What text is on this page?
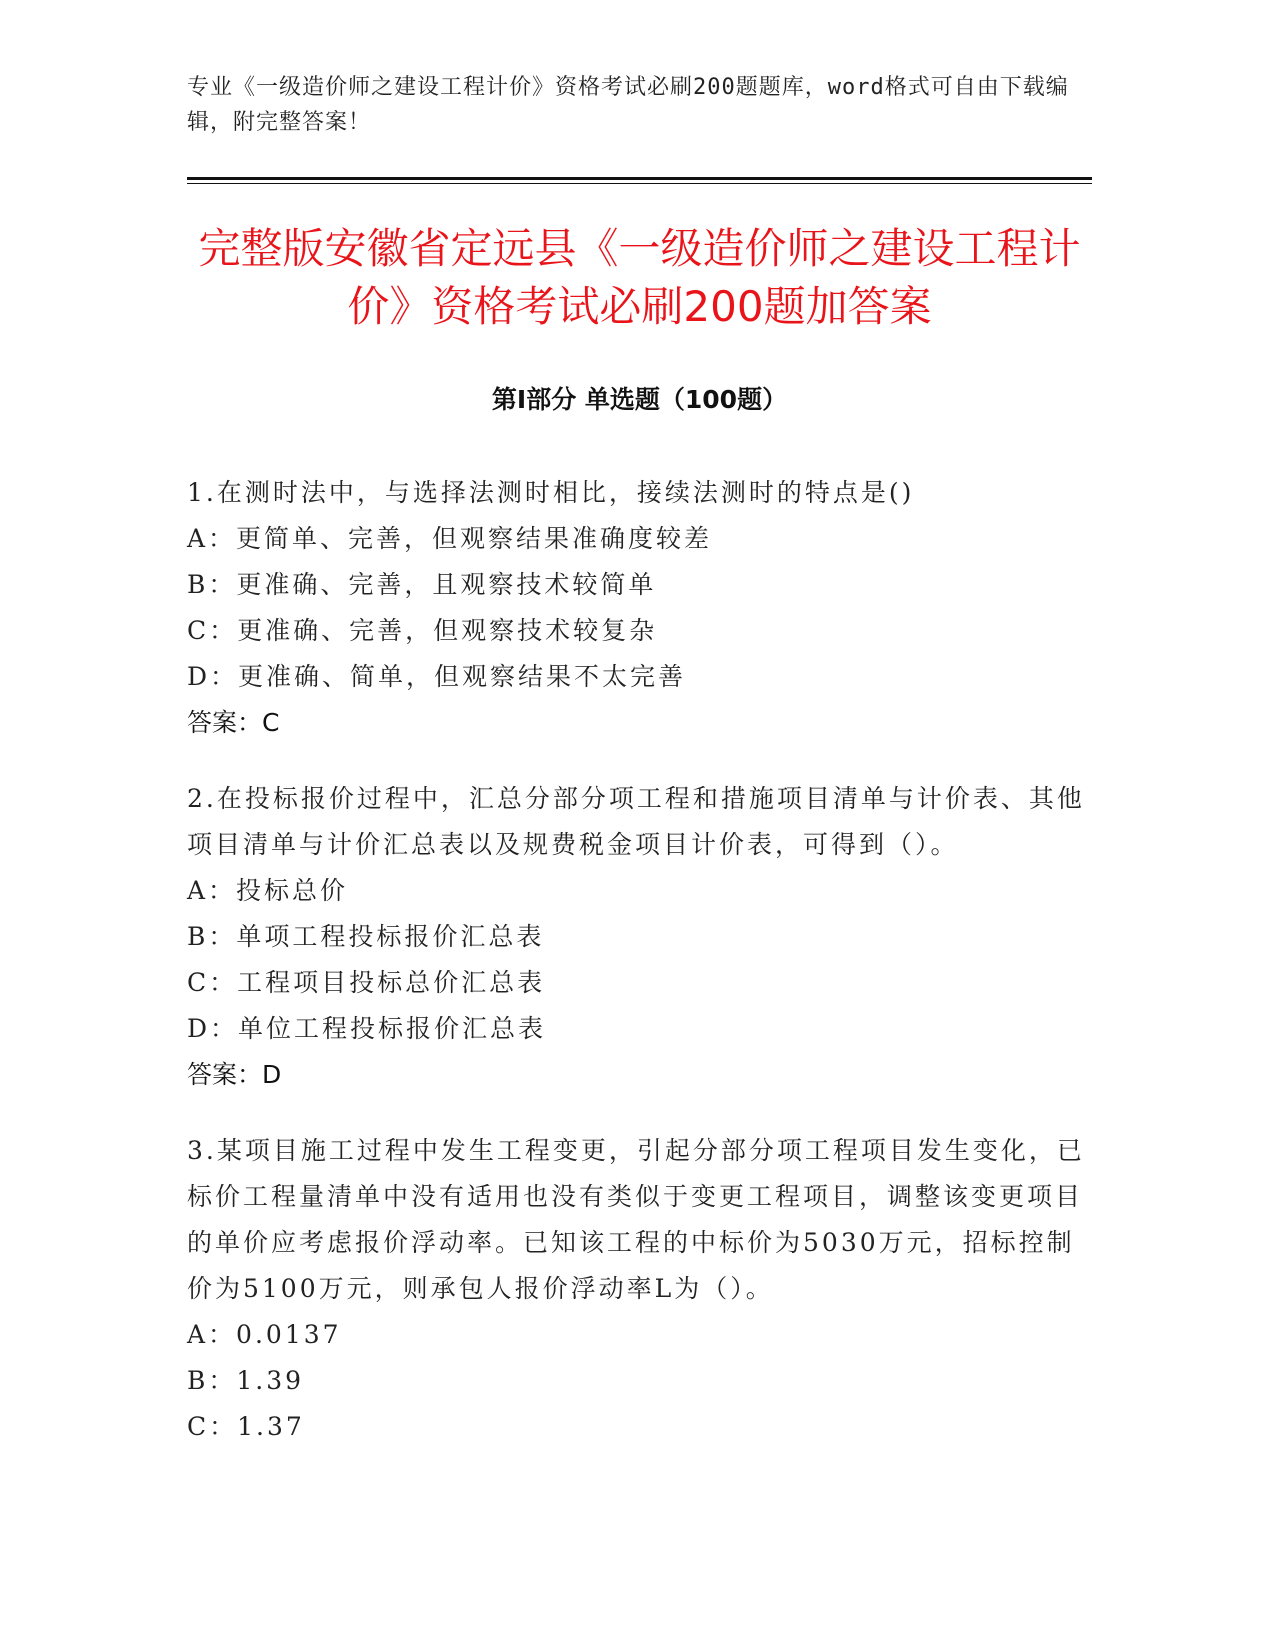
专业《一级造价师之建设工程计价》资格考试必刷200题题库，word格式可自由下载编辑，附完整答案！

完整版安徽省定远县《一级造价师之建设工程计价》资格考试必刷200题加答案
第Ⅰ部分 单选题（100题）

1.在测时法中，与选择法测时相比，接续法测时的特点是()

A：更简单、完善，但观察结果准确度较差

B：更准确、完善，且观察技术较简单

C：更准确、完善，但观察技术较复杂

D：更准确、简单，但观察结果不太完善

答案：C

2.在投标报价过程中，汇总分部分项工程和措施项目清单与计价表、其他项目清单与计价汇总表以及规费税金项目计价表，可得到（）。

A：投标总价

B：单项工程投标报价汇总表

C：工程项目投标总价汇总表

D：单位工程投标报价汇总表

答案：D

3.某项目施工过程中发生工程变更，引起分部分项工程项目发生变化，已标价工程量清单中没有适用也没有类似于变更工程项目，调整该变更项目的单价应考虑报价浮动率。已知该工程的中标价为5030万元，招标控制价为5100万元，则承包人报价浮动率L为（）。

A：0.0137

B：1.39

C：1.37
